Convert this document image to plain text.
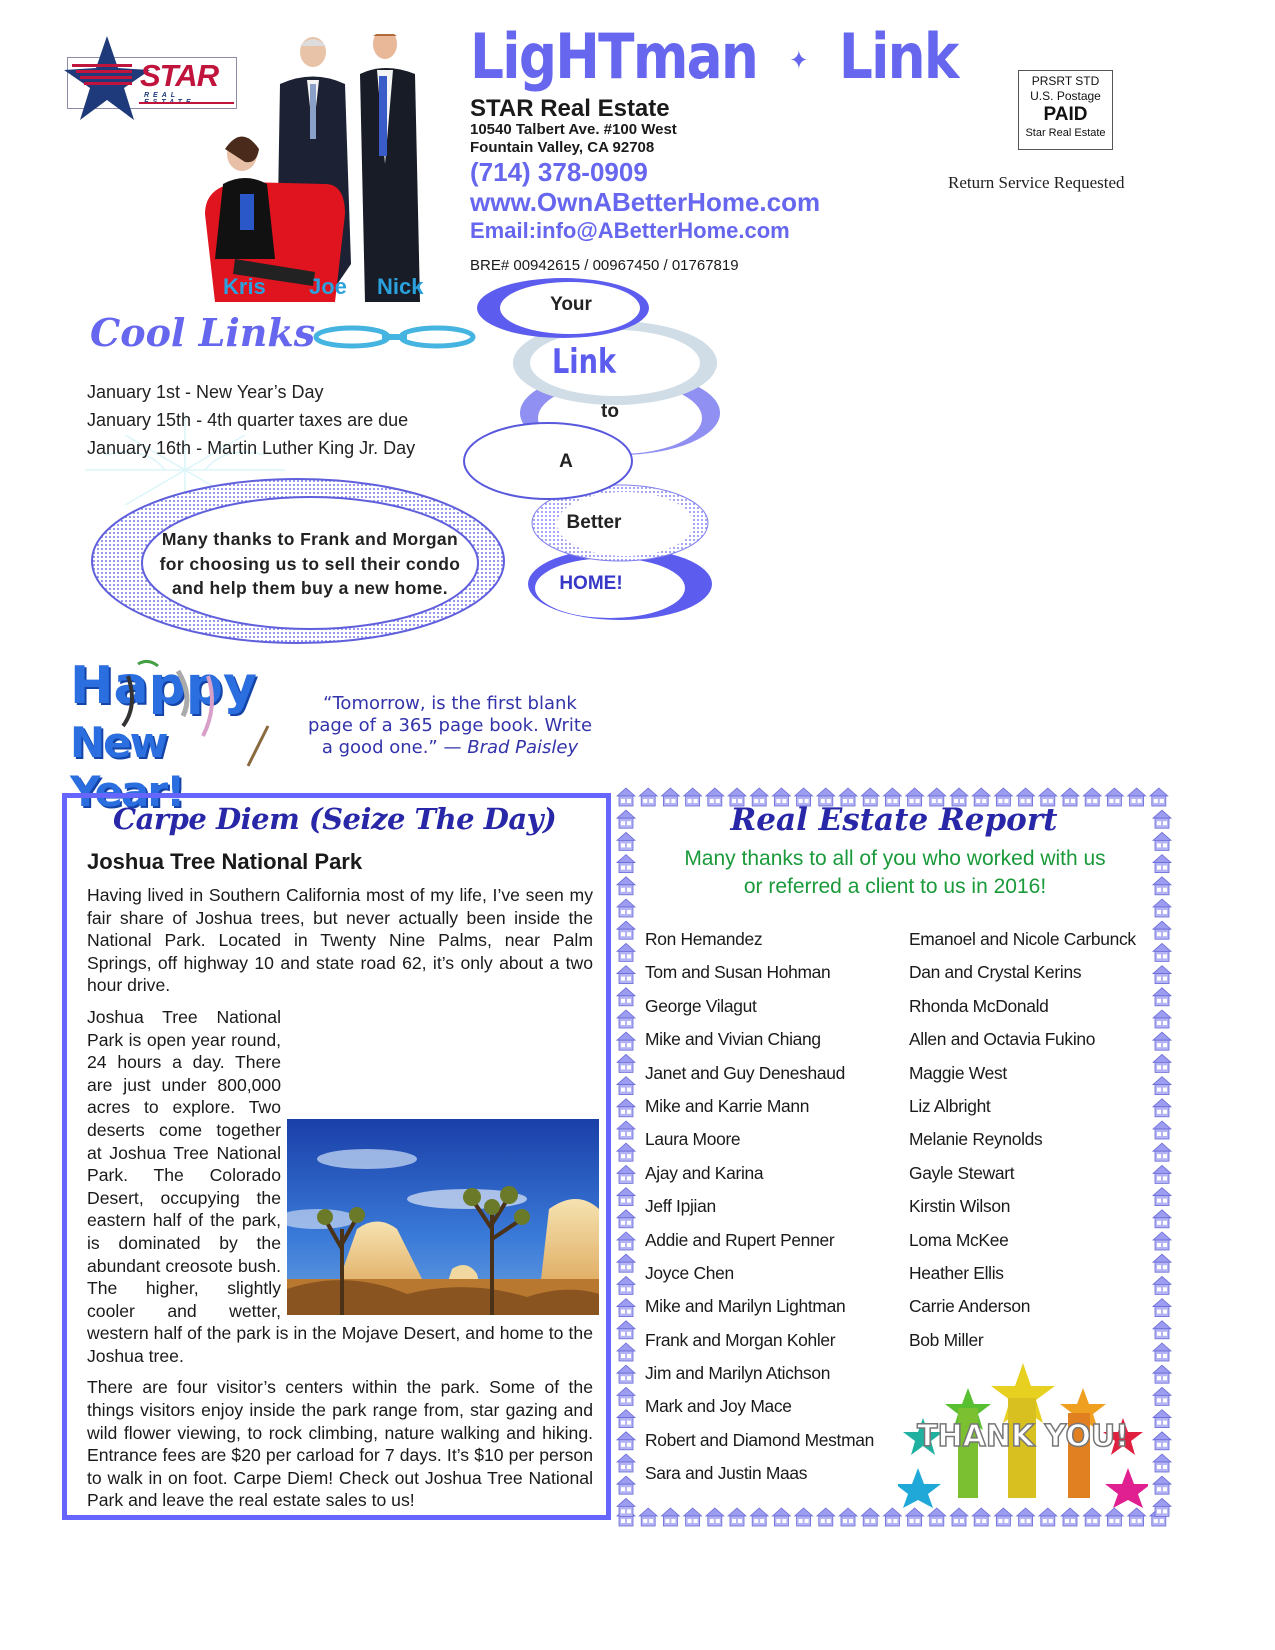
STAR
REAL
Kris Joe Nick
LigHTman ✦ Link
STAR Real Estate
10540 Talbert Ave. #100 West
Fountain Valley, CA 92708
(714) 378-0909
www.OwnABetterHome.com
Email:info@ABetterHome.com
BRE# 00942615 / 00967450 / 01767819
PRSRT STD
U.S. Postage
PAID
Star Real Estate
Return Service Requested
Cool Links
January 1st - New Year’s Day
January 15th - 4th quarter taxes are due
January 16th - Martin Luther King Jr. Day
Many thanks to Frank and Morgan
for choosing us to sell their condo
and help them buy a new home.
Your
Link
to
A
Better
HOME!
Happy
New Year!
“Tomorrow, is the first blank page of a 365 page book. Write a good one.” — Brad Paisley
Carpe Diem (Seize The Day)
Joshua Tree National Park

Having lived in Southern California most of my life, I’ve seen my fair share of Joshua trees, but never actually been inside the National Park. Located in Twenty Nine Palms, near Palm Springs, off highway 10 and state road 62, it’s only about a two hour drive.

Joshua Tree National Park is open year round, 24 hours a day. There are just under 800,000 acres to explore. Two deserts come together at Joshua Tree National Park. The Colorado Desert, occupying the eastern half of the park, is dominated by the abundant creosote bush. The higher, slightly cooler and wetter, western half of the park is in the Mojave Desert, and home to the Joshua tree.

There are four visitor’s centers within the park. Some of the things visitors enjoy inside the park range from, star gazing and wild flower viewing, to rock climbing, nature walking and hiking. Entrance fees are $20 per carload for 7 days. It’s $10 per person to walk in on foot. Carpe Diem! Check out Joshua Tree National Park and leave the real estate sales to us!

Real Estate Report
Many thanks to all of you who worked with us
or referred a client to us in 2016!
Ron Hemandez
Tom and Susan Hohman
George Vilagut
Mike and Vivian Chiang
Janet and Guy Deneshaud
Mike and Karrie Mann
Laura Moore
Ajay and Karina
Jeff Ipjian
Addie and Rupert Penner
Joyce Chen
Mike and Marilyn Lightman
Frank and Morgan Kohler
Jim and Marilyn Atichson
Mark and Joy Mace
Robert and Diamond Mestman
Sara and Justin Maas
Emanoel and Nicole Carbunck
Dan and Crystal Kerins
Rhonda McDonald
Allen and Octavia Fukino
Maggie West
Liz Albright
Melanie Reynolds
Gayle Stewart
Kirstin Wilson
Loma McKee
Heather Ellis
Carrie Anderson
Bob Miller
THANK YOU!
